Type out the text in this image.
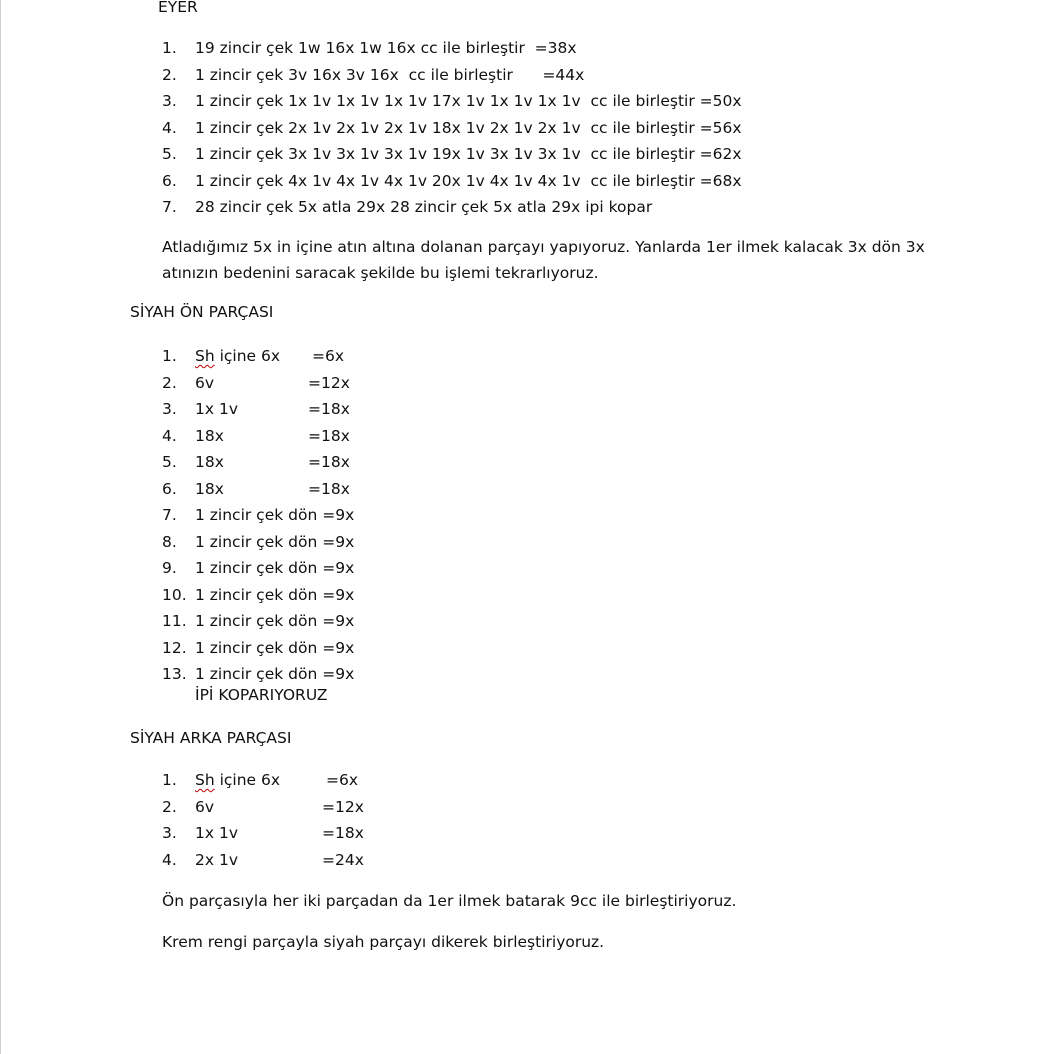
EYER
1.	19 zincir çek 1w 16x 1w 16x cc ile birleştir  =38x
2.	1 zincir çek 3v 16x 3v 16x  cc ile birleştir      =44x
3.	1 zincir çek 1x 1v 1x 1v 1x 1v 17x 1v 1x 1v 1x 1v  cc ile birleştir =50x
4.	1 zincir çek 2x 1v 2x 1v 2x 1v 18x 1v 2x 1v 2x 1v  cc ile birleştir =56x
5.	1 zincir çek 3x 1v 3x 1v 3x 1v 19x 1v 3x 1v 3x 1v  cc ile birleştir =62x
6.	1 zincir çek 4x 1v 4x 1v 4x 1v 20x 1v 4x 1v 4x 1v  cc ile birleştir =68x
7.	28 zincir çek 5x atla 29x 28 zincir çek 5x atla 29x ipi kopar
Atladığımız 5x in içine atın altına dolanan parçayı yapıyoruz. Yanlarda 1er ilmek kalacak 3x dön 3x atınızın bedenini saracak şekilde bu işlemi tekrarlıyoruz.
SİYAH ÖN PARÇASI
1.	Sh içine 6x =6x
2.	6v	=12x
3.	1x 1v	=18x
4.	18x	=18x
5.	18x	=18x
6.	18x	=18x
7.	1 zincir çek dön =9x
8.	1 zincir çek dön =9x
9.	1 zincir çek dön =9x
10. 1 zincir çek dön =9x
11. 1 zincir çek dön =9x
12. 1 zincir çek dön =9x
13. 1 zincir çek dön =9x
İPİ KOPARIYORUZ
SİYAH ARKA PARÇASI
1.	Sh içine 6x	=6x
2.	6v	=12x
3.	1x 1v	=18x
4.	2x 1v	=24x
Ön parçasıyla her iki parçadan da 1er ilmek batarak 9cc ile birleştiriyoruz.
Krem rengi parçayla siyah parçayı dikerek birleştiriyoruz.
